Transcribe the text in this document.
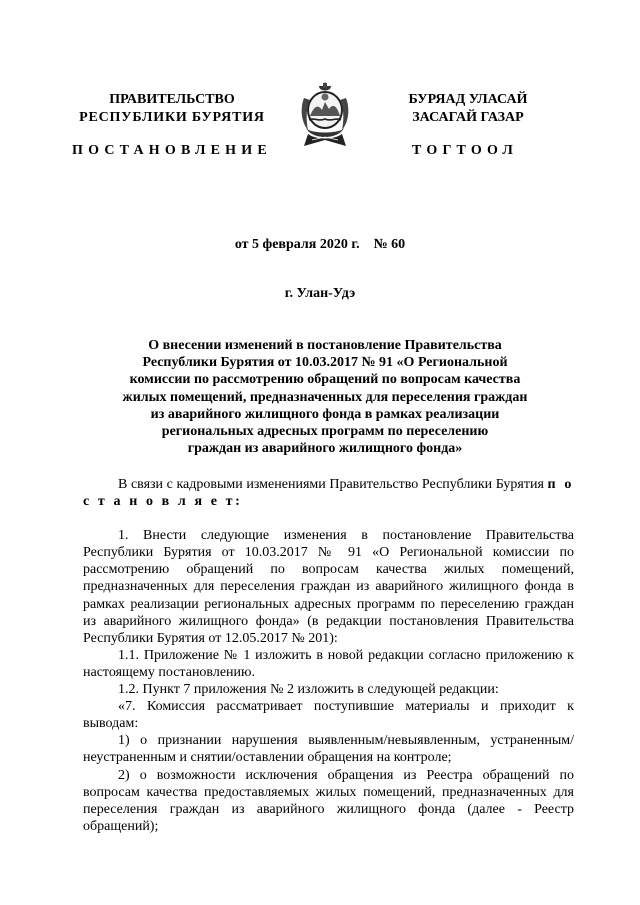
ПРАВИТЕЛЬСТВО
РЕСПУБЛИКИ БУРЯТИЯ
БУРЯАД УЛАСАЙ
ЗАСАГАЙ ГАЗАР
ПОСТАНОВЛЕНИЕ	ТОГТООЛ
от 5 февраля 2020 г.    № 60
г. Улан-Удэ
О внесении изменений в постановление Правительства
Республики Бурятия от 10.03.2017 № 91 «О Региональной
комиссии по рассмотрению обращений по вопросам качества
жилых помещений, предназначенных для переселения граждан
из аварийного жилищного фонда в рамках реализации
региональных адресных программ по переселению
граждан из аварийного жилищного фонда»

В связи с кадровыми изменениями Правительство Республики Бурятия п о с т а н о в л я е т:

1. Внести следующие изменения в постановление Правительства Республики Бурятия от 10.03.2017 № 91 «О Региональной комиссии по рассмотрению обращений по вопросам качества жилых помещений, предназначенных для переселения граждан из аварийного жилищного фонда в рамках реализации региональных адресных программ по переселению граждан из аварийного жилищного фонда» (в редакции постановления Правительства Республики Бурятия от 12.05.2017 № 201):

1.1. Приложение № 1 изложить в новой редакции согласно приложению к настоящему постановлению.

1.2. Пункт 7 приложения № 2 изложить в следующей редакции:

«7. Комиссия рассматривает поступившие материалы и приходит к выводам:

1) о признании нарушения выявленным/невыявленным, устраненным/неустраненным и снятии/оставлении обращения на контроле;

2) о возможности исключения обращения из Реестра обращений по вопросам качества предоставляемых жилых помещений, предназначенных для переселения граждан из аварийного жилищного фонда (далее - Реестр обращений);
